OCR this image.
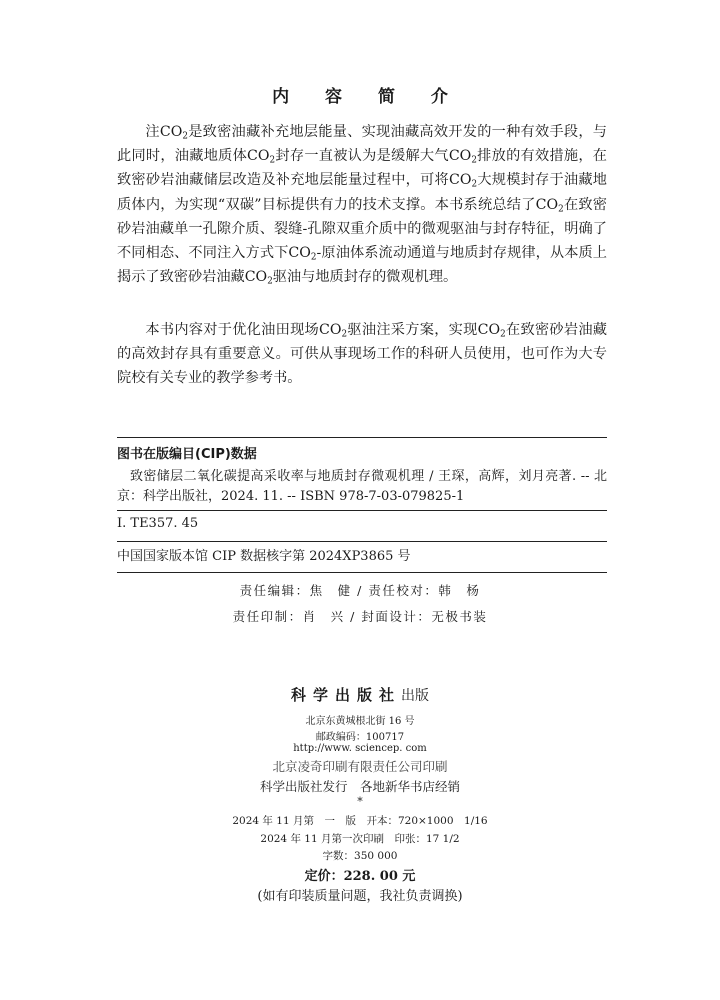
内 容 简 介

注$CO_2$是致密油藏补充地层能量、实现油藏高效开发的一种有效手段，与此同时，油藏地质体$CO_2$封存一直被认为是缓解大气$CO_2$排放的有效措施，在致密砂岩油藏储层改造及补充地层能量过程中，可将$CO_2$大规模封存于油藏地质体内，为实现“双碳”目标提供有力的技术支撑。本书系统总结了$CO_2$在致密砂岩油藏单一孔隙介质、裂缝-孔隙双重介质中的微观驱油与封存特征，明确了不同相态、不同注入方式下$CO_2-$原油体系流动通道与地质封存规律，从本质上揭示了致密砂岩油藏$CO_2$驱油与地质封存的微观机理。

本书内容对于优化油田现场$CO_2$驱油注采方案，实现$CO_2$在致密砂岩油藏的高效封存具有重要意义。可供从事现场工作的科研人员使用，也可作为大专院校有关专业的教学参考书。

图书在版编目(CIP)数据
致密储层二氧化碳提高采收率与地质封存微观机理 / 王琛，高辉，刘月亮著. -- 北京：科学出版社，2024. 11. -- ISBN 978-7-03-079825-1
Ⅰ. TE357. 45
中国国家版本馆 CIP 数据核字第 2024XP3865 号
责任编辑：焦　健 / 责任校对：韩　杨
责任印制：肖　兴 / 封面设计：无极书装
科学出版社出版
北京东黄城根北街 16 号
邮政编码：100717
http://www. sciencep. com
北京凌奇印刷有限责任公司印刷
科学出版社发行　各地新华书店经销
*
2024 年 11 月第　一　版　开本：720×1000　1/16
2024 年 11 月第一次印刷　印张：17 1/2
字数：350 000
定价：228. 00 元
(如有印装质量问题，我社负责调换)
